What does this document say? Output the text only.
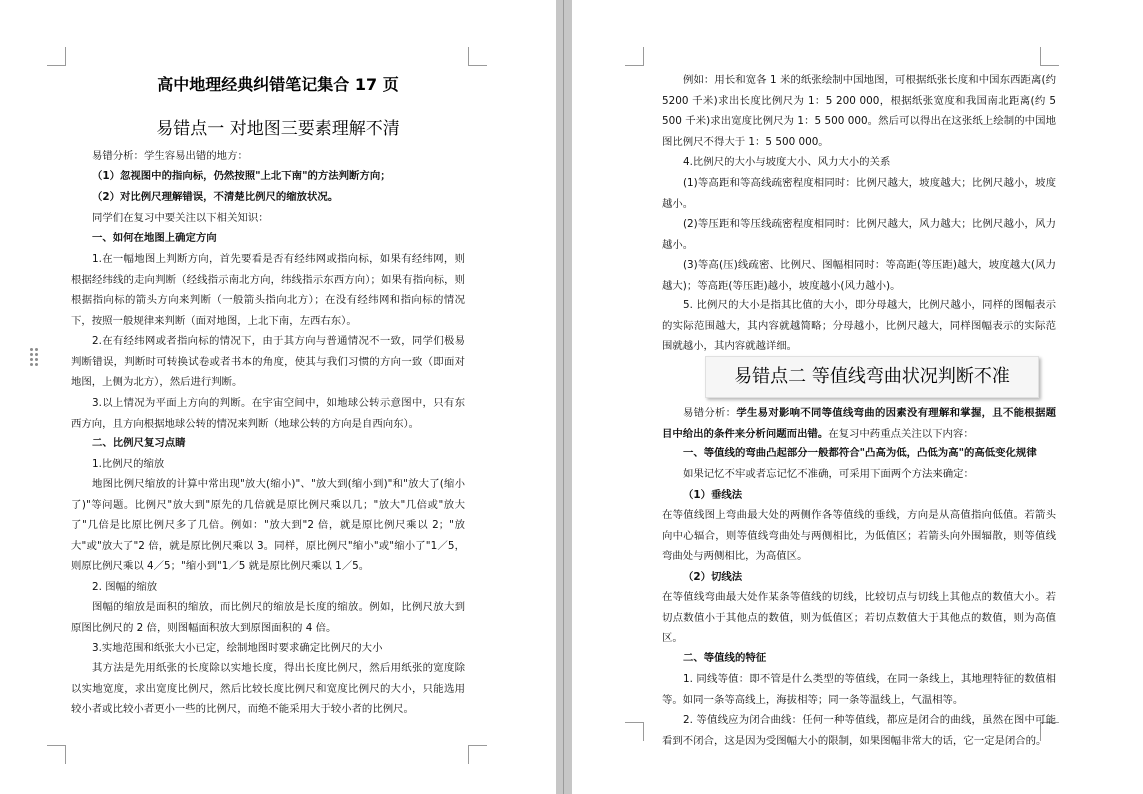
高中地理经典纠错笔记集合 17 页
易错点一 对地图三要素理解不清
易错分析：学生容易出错的地方：
（1）忽视图中的指向标，仍然按照"上北下南"的方法判断方向；
（2）对比例尺理解错误，不清楚比例尺的缩放状况。
同学们在复习中要关注以下相关知识：
一、如何在地图上确定方向
1.在一幅地图上判断方向，首先要看是否有经纬网或指向标，如果有经纬网，则根据经纬线的走向判断（经线指示南北方向，纬线指示东西方向）；如果有指向标，则根据指向标的箭头方向来判断（一般箭头指向北方）；在没有经纬网和指向标的情况下，按照一般规律来判断（面对地图，上北下南，左西右东）。
2.在有经纬网或者指向标的情况下，由于其方向与普通情况不一致，同学们极易判断错误，判断时可转换试卷或者书本的角度，使其与我们习惯的方向一致（即面对地图，上侧为北方），然后进行判断。
3.以上情况为平面上方向的判断。在宇宙空间中，如地球公转示意图中，只有东西方向，且方向根据地球公转的情况来判断（地球公转的方向是自西向东）。
二、比例尺复习点睛
1.比例尺的缩放
地图比例尺缩放的计算中常出现"放大(缩小)"、"放大到(缩小到)"和"放大了(缩小了)"等问题。比例尺"放大到"原先的几倍就是原比例尺乘以几；"放大"几倍或"放大了"几倍是比原比例尺多了几倍。例如："放大到"2 倍，就是原比例尺乘以 2；"放大"或"放大了"2 倍，就是原比例尺乘以 3。同样，原比例尺"缩小"或"缩小了"1／5，则原比例尺乘以 4／5；"缩小到"1／5 就是原比例尺乘以 1／5。
2. 图幅的缩放
图幅的缩放是面积的缩放，而比例尺的缩放是长度的缩放。例如，比例尺放大到原图比例尺的 2 倍，则图幅面积放大到原图面积的 4 倍。
3.实地范围和纸张大小已定，绘制地图时要求确定比例尺的大小
其方法是先用纸张的长度除以实地长度，得出长度比例尺，然后用纸张的宽度除以实地宽度，求出宽度比例尺，然后比较长度比例尺和宽度比例尺的大小，只能选用较小者或比较小者更小一些的比例尺，而绝不能采用大于较小者的比例尺。
例如：用长和宽各 1 米的纸张绘制中国地图，可根据纸张长度和中国东西距离(约 5200 千米)求出长度比例尺为 1：5 200 000，根据纸张宽度和我国南北距离(约 5 500 千米)求出宽度比例尺为 1：5 500 000。然后可以得出在这张纸上绘制的中国地图比例尺不得大于 1：5 500 000。
4.比例尺的大小与坡度大小、风力大小的关系
(1)等高距和等高线疏密程度相同时：比例尺越大，坡度越大；比例尺越小，坡度越小。
(2)等压距和等压线疏密程度相同时：比例尺越大，风力越大；比例尺越小，风力越小。
(3)等高(压)线疏密、比例尺、图幅相同时：等高距(等压距)越大，坡度越大(风力越大)；等高距(等压距)越小，坡度越小(风力越小)。
5. 比例尺的大小是指其比值的大小，即分母越大，比例尺越小，同样的图幅表示的实际范围越大，其内容就越简略；分母越小，比例尺越大，同样图幅表示的实际范围就越小，其内容就越详细。
易错点二 等值线弯曲状况判断不准
易错分析：学生易对影响不同等值线弯曲的因素没有理解和掌握，且不能根据题目中给出的条件来分析问题而出错。在复习中药重点关注以下内容：
一、等值线的弯曲凸起部分一般都符合"凸高为低，凸低为高"的高低变化规律
如果记忆不牢或者忘记忆不准确，可采用下面两个方法来确定：
（1）垂线法
在等值线图上弯曲最大处的两侧作各等值线的垂线，方向是从高值指向低值。若箭头向中心辐合，则等值线弯曲处与两侧相比，为低值区；若箭头向外围辐散，则等值线弯曲处与两侧相比，为高值区。
（2）切线法
在等值线弯曲最大处作某条等值线的切线，比较切点与切线上其他点的数值大小。若切点数值小于其他点的数值，则为低值区；若切点数值大于其他点的数值，则为高值区。
二、等值线的特征
1. 同线等值：即不管是什么类型的等值线，在同一条线上，其地理特征的数值相等。如同一条等高线上，海拔相等；同一条等温线上，气温相等。
2. 等值线应为闭合曲线：任何一种等值线，都应是闭合的曲线，虽然在图中可能看到不闭合，这是因为受图幅大小的限制，如果图幅非常大的话，它一定是闭合的。
